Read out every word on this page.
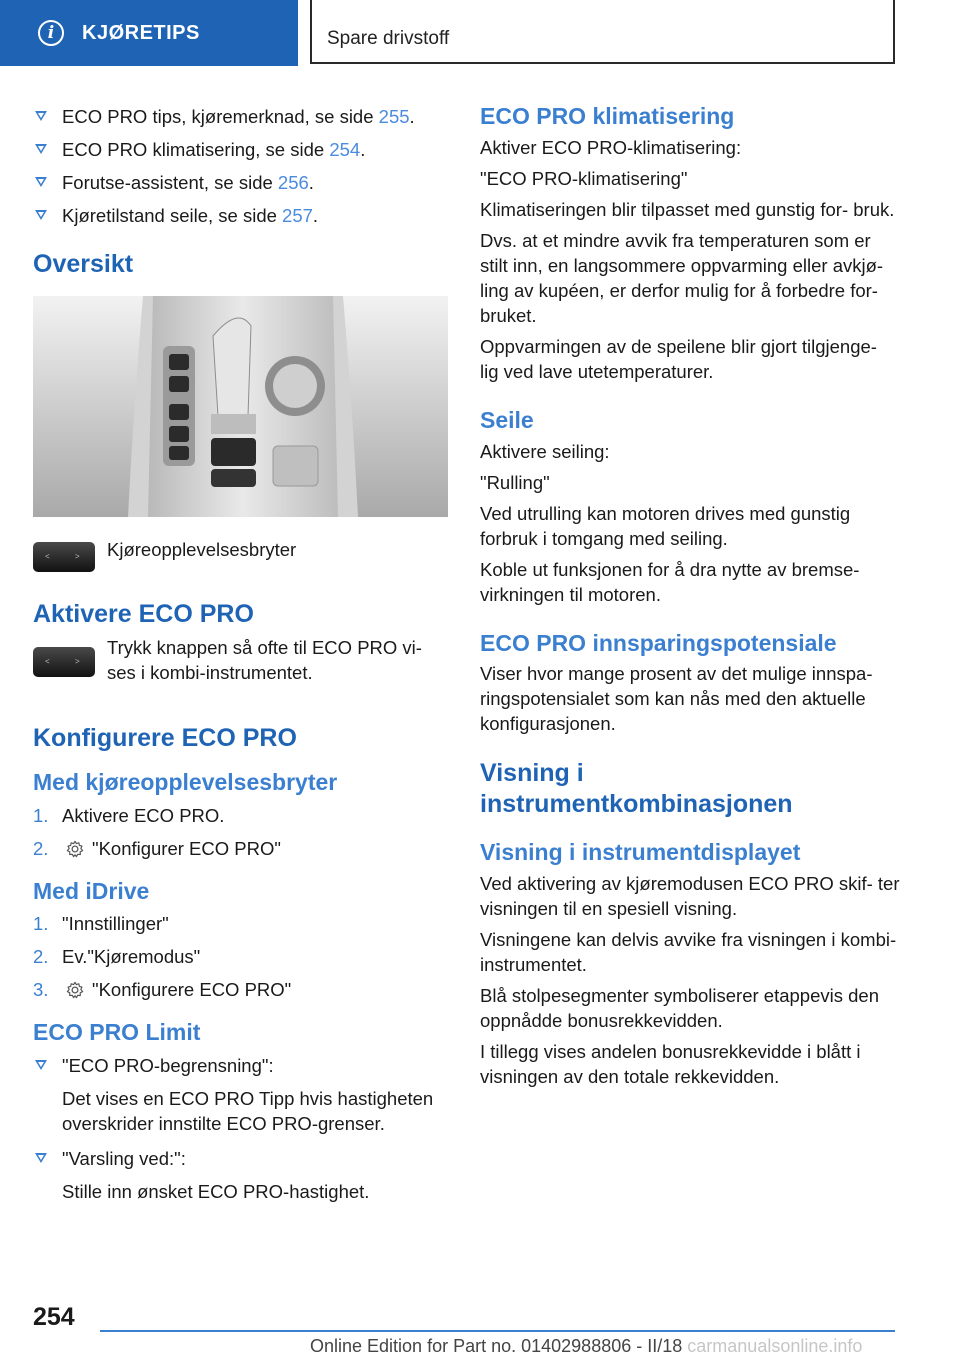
i	KJØRETIPS	Spare drivstoff

ECO PRO tips, kjøremerknad, se side 255.

ECO PRO klimatisering, se side 254.

Forutse-assistent, se side 256.

Kjøretilstand seile, se side 257.

Oversikt
<	> Kjøreopplevelsesbryter

Aktivere ECO PRO
<	>

Trykk knappen så ofte til ECO PRO vi‐ ses i kombi-instrumentet.

Konfigurere ECO PRO
Med kjøreopplevelsesbryter

1. Aktivere ECO PRO.

2. "Konfigurer ECO PRO"

Med iDrive

1. "Innstillinger"

2. Ev."Kjøremodus"

3. "Konfigurere ECO PRO"

ECO PRO Limit

"ECO PRO-begrensning":

Det vises en ECO PRO Tipp hvis hastigheten overskrider innstilte ECO PRO-grenser.

"Varsling ved:":

Stille inn ønsket ECO PRO-hastighet.

ECO PRO klimatisering

Aktiver ECO PRO-klimatisering:

"ECO PRO-klimatisering"

Klimatiseringen blir tilpasset med gunstig for‐ bruk.

Dvs. at et mindre avvik fra temperaturen som er stilt inn, en langsommere oppvarming eller avkjø‐ ling av kupéen, er derfor mulig for å forbedre for‐ bruket.

Oppvarmingen av de speilene blir gjort tilgjenge‐ lig ved lave utetemperaturer.

Seile

Aktivere seiling:

"Rulling"

Ved utrulling kan motoren drives med gunstig forbruk i tomgang med seiling.

Koble ut funksjonen for å dra nytte av bremse‐ virkningen til motoren.

ECO PRO innsparingspotensiale

Viser hvor mange prosent av det mulige innspa‐ ringspotensialet som kan nås med den aktuelle konfigurasjonen.

Visning i instrumentkombinasjonen
Visning i instrumentdisplayet

Ved aktivering av kjøremodusen ECO PRO skif‐ ter visningen til en spesiell visning.

Visningene kan delvis avvike fra visningen i kombi-instrumentet.

Blå stolpesegmenter symboliserer etappevis den oppnådde bonusrekkevidden.

I tillegg vises andelen bonusrekkevidde i blått i visningen av den totale rekkevidden.

254
Online Edition for Part no. 01402988806 - II/18 carmanualsonline.info
